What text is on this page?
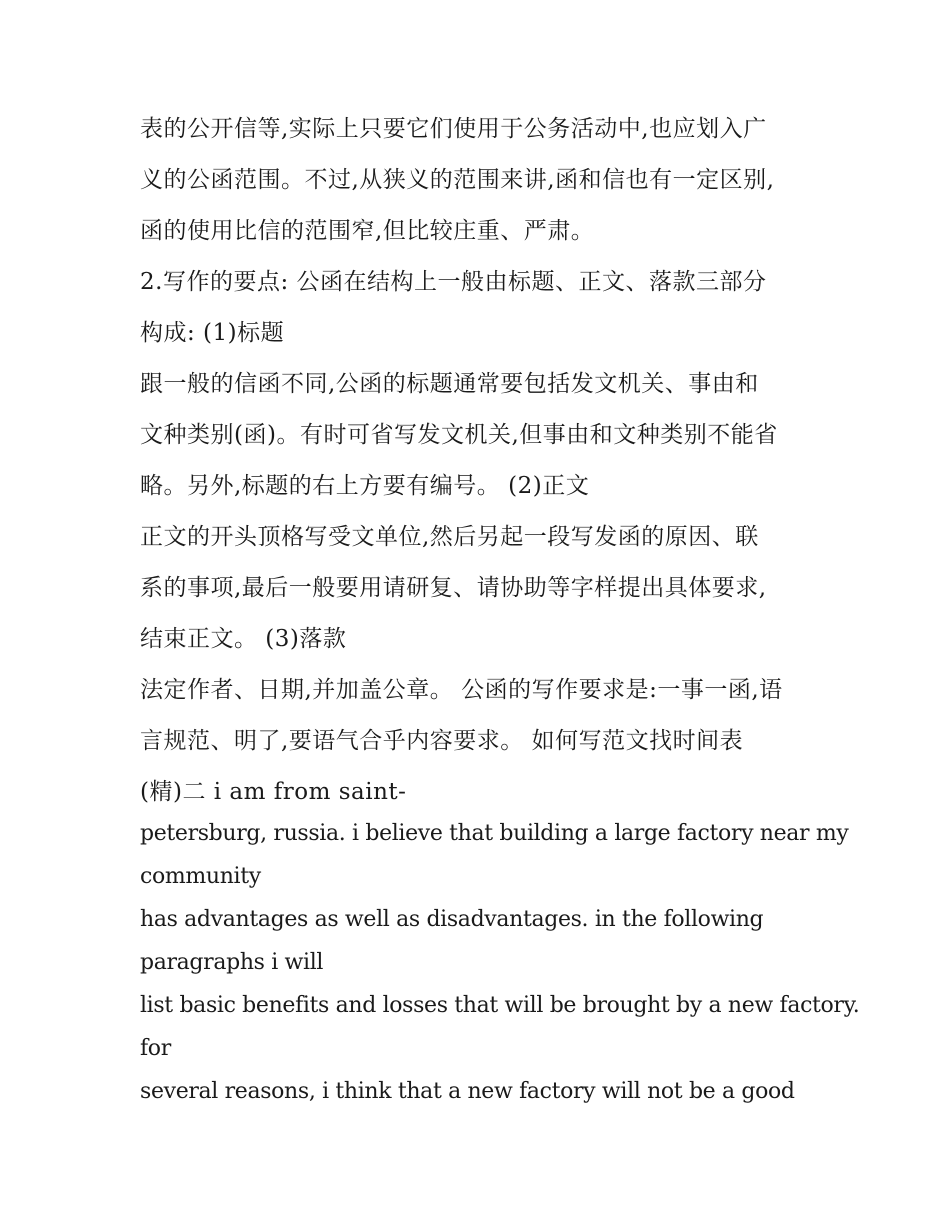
表的公开信等,实际上只要它们使用于公务活动中,也应划入广
义的公函范围。不过,从狭义的范围来讲,函和信也有一定区别,
函的使用比信的范围窄,但比较庄重、严肃。
2.写作的要点: 公函在结构上一般由标题、正文、落款三部分
构成: (1)标题
跟一般的信函不同,公函的标题通常要包括发文机关、事由和
文种类别(函)。有时可省写发文机关,但事由和文种类别不能省
略。另外,标题的右上方要有编号。 (2)正文
正文的开头顶格写受文单位,然后另起一段写发函的原因、联
系的事项,最后一般要用请研复、请协助等字样提出具体要求,
结束正文。 (3)落款
法定作者、日期,并加盖公章。 公函的写作要求是:一事一函,语
言规范、明了,要语气合乎内容要求。 如何写范文找时间表
(精)二 i am from saint-
petersburg, russia. i believe that building a large factory near my
community
has advantages as well as disadvantages. in the following
paragraphs i will
list basic benefits and losses that will be brought by a new factory.
for
several reasons, i think that a new factory will not be a good
